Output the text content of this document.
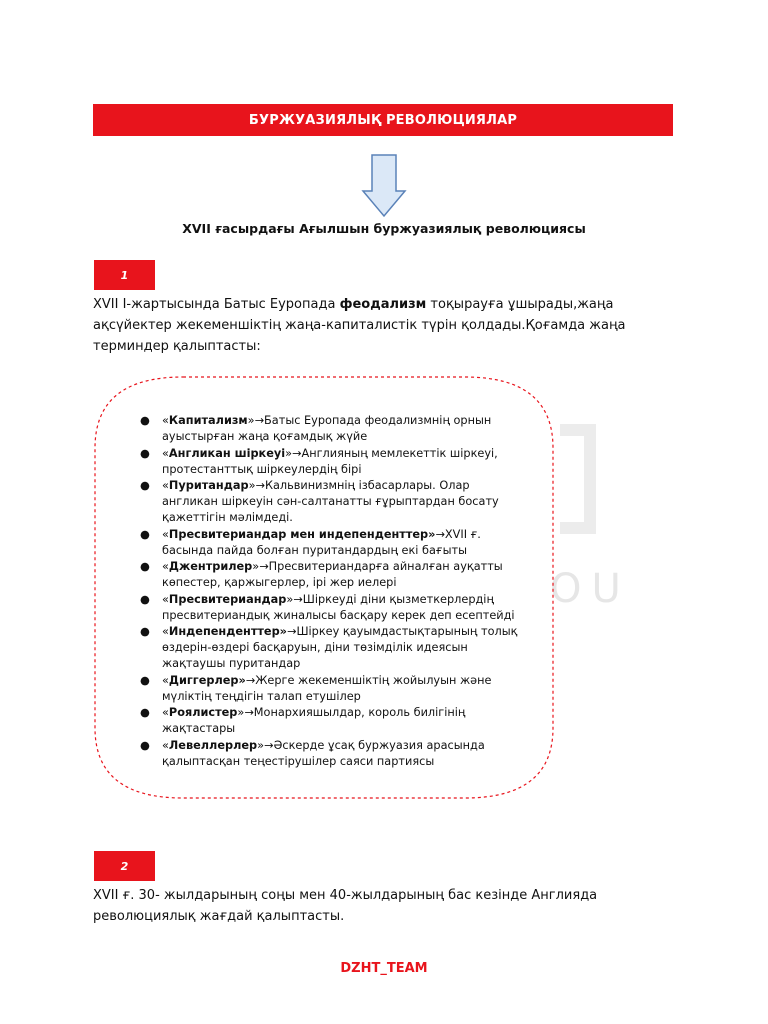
БУРЖУАЗИЯЛЫҚ РЕВОЛЮЦИЯЛАР
XVII ғасырдағы Ағылшын буржуазиялық революциясы
1
XVII I-жартысында Батыс Еуропада феодализм тоқырауға ұшырады,жаңа ақсүйектер жекеменшіктің жаңа-капиталистік түрін қолдады.Қоғамда жаңа терминдер қалыптасты:
OU
● «Капитализм»→Батыс Еуропада феодализмнің орнын ауыстырған жаңа қоғамдық жүйе
● «Англикан шіркеуі»→Англияның мемлекеттік шіркеуі, протестанттық шіркеулердің бірі
● «Пуритандар»→Кальвинизмнің ізбасарлары. Олар англикан шіркеуін сән-салтанатты ғұрыптардан босату қажеттігін мәлімдеді.
● «Пресвитериандар мен индепенденттер»→XVII ғ. басында пайда болған пуритандардың екі бағыты
● «Джентрилер»→Пресвитериандарға айналған ауқатты көпестер, қаржыгерлер, ірі жер иелері
● «Пресвитериандар»→Шіркеуді діни қызметкерлердің пресвитериандық жиналысы басқару керек деп есептейді
● «Индепенденттер»→Шіркеу қауымдастықтарының толық өздерін-өздері басқаруын, діни төзімділік идеясын жақтаушы пуритандар
● «Диггерлер»→Жерге жекеменшіктің жойылуын және мүліктің теңдігін талап етушілер
● «Роялистер»→Монархияшылдар, король билігінің жақтастары
● «Левеллерлер»→Әскерде ұсақ буржуазия арасында қалыптасқан теңестірушілер саяси партиясы
2
XVII ғ. 30- жылдарының соңы мен 40-жылдарының бас кезінде Англияда революциялық жағдай қалыптасты.
DZHT_TEAM
